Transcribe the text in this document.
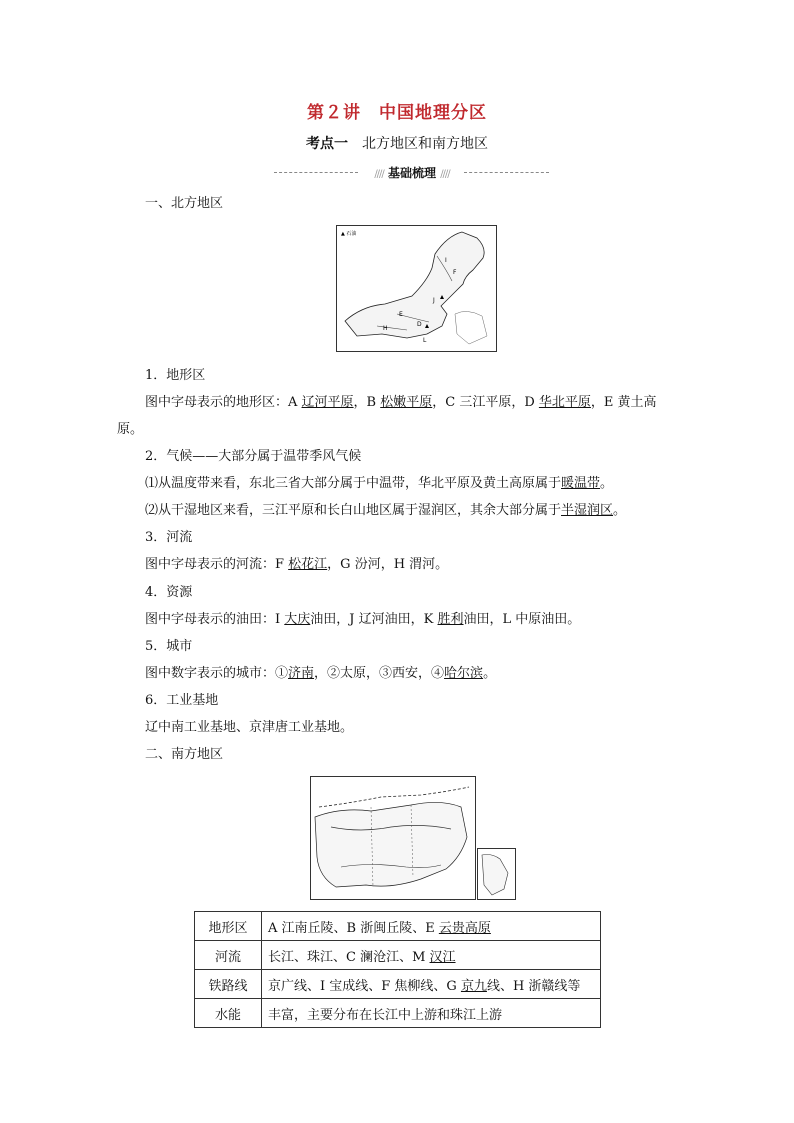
第２讲　中国地理分区
考点一 北方地区和南方地区
//// 基础梳理 ////
一、北方地区
▲ 石油
I
F
J
E
D
L
H
1．地形区
图中字母表示的地形区：A 辽河平原，B 松嫩平原，C 三江平原，D 华北平原，E 黄土高
原。
2．气候——大部分属于温带季风气候
⑴从温度带来看，东北三省大部分属于中温带，华北平原及黄土高原属于暖温带。
⑵从干湿地区来看，三江平原和长白山地区属于湿润区，其余大部分属于半湿润区。
3．河流
图中字母表示的河流：F 松花江，G 汾河，H 渭河。
4．资源
图中字母表示的油田：I 大庆油田，J 辽河油田，K 胜利油田，L 中原油田。
5．城市
图中数字表示的城市：①济南，②太原，③西安，④哈尔滨。
6．工业基地
辽中南工业基地、京津唐工业基地。
二、南方地区
地形区	A 江南丘陵、B 浙闽丘陵、E 云贵高原
河流	长江、珠江、C 澜沧江、M 汉江
铁路线	京广线、I 宝成线、F 焦柳线、G 京九线、H 浙赣线等
水能	丰富，主要分布在长江中上游和珠江上游
